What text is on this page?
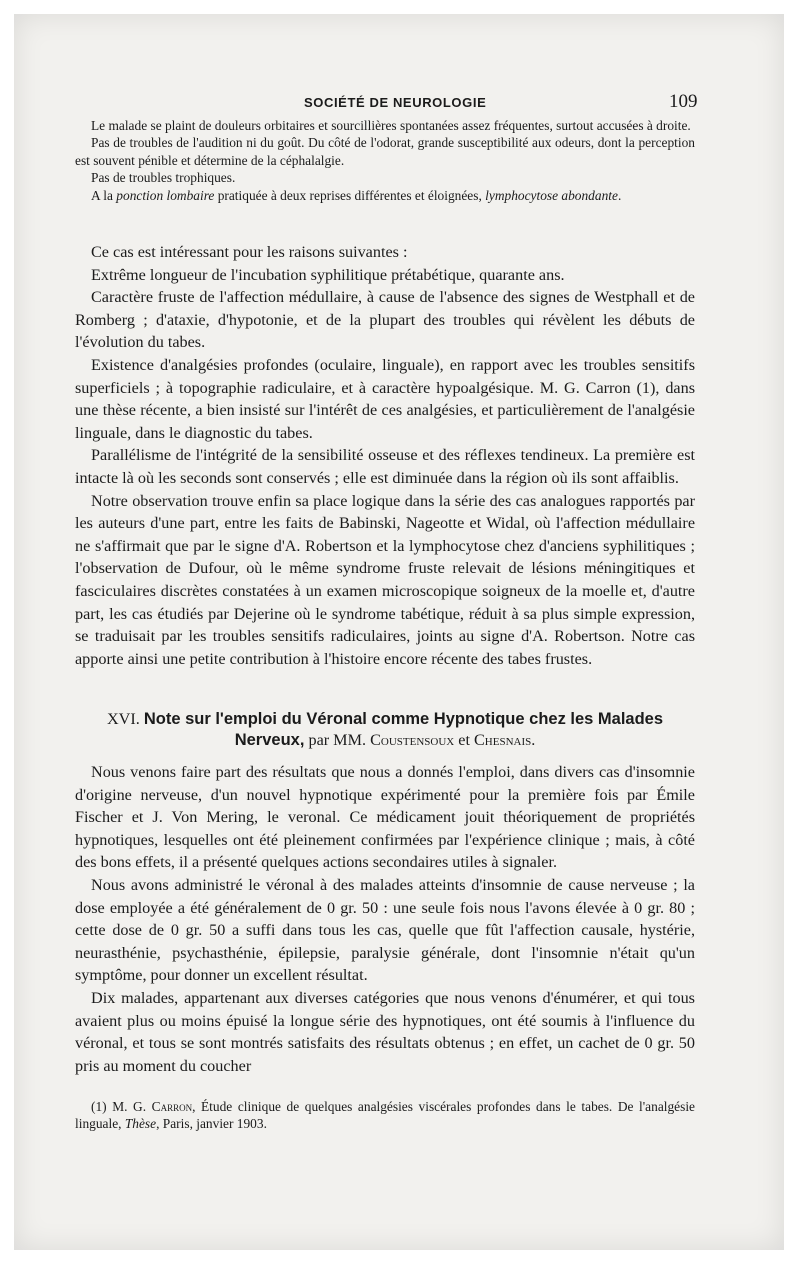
SOCIÉTÉ DE NEUROLOGIE	109

Le malade se plaint de douleurs orbitaires et sourcillières spontanées assez fréquentes, surtout accusées à droite.

Pas de troubles de l'audition ni du goût. Du côté de l'odorat, grande susceptibilité aux odeurs, dont la perception est souvent pénible et détermine de la céphalalgie.

Pas de troubles trophiques.

A la ponction lombaire pratiquée à deux reprises différentes et éloignées, lymphocytose abondante.

Ce cas est intéressant pour les raisons suivantes :

Extrême longueur de l'incubation syphilitique prétabétique, quarante ans.

Caractère fruste de l'affection médullaire, à cause de l'absence des signes de Westphall et de Romberg ; d'ataxie, d'hypotonie, et de la plupart des troubles qui révèlent les débuts de l'évolution du tabes.

Existence d'analgésies profondes (oculaire, linguale), en rapport avec les troubles sensitifs superficiels ; à topographie radiculaire, et à caractère hypoalgésique. M. G. Carron (1), dans une thèse récente, a bien insisté sur l'intérêt de ces analgésies, et particulièrement de l'analgésie linguale, dans le diagnostic du tabes.

Parallélisme de l'intégrité de la sensibilité osseuse et des réflexes tendineux. La première est intacte là où les seconds sont conservés ; elle est diminuée dans la région où ils sont affaiblis.

Notre observation trouve enfin sa place logique dans la série des cas analogues rapportés par les auteurs d'une part, entre les faits de Babinski, Nageotte et Widal, où l'affection médullaire ne s'affirmait que par le signe d'A. Robertson et la lymphocytose chez d'anciens syphilitiques ; l'observation de Dufour, où le même syndrome fruste relevait de lésions méningitiques et fasciculaires discrètes constatées à un examen microscopique soigneux de la moelle et, d'autre part, les cas étudiés par Dejerine où le syndrome tabétique, réduit à sa plus simple expression, se traduisait par les troubles sensitifs radiculaires, joints au signe d'A. Robertson. Notre cas apporte ainsi une petite contribution à l'histoire encore récente des tabes frustes.

XVI. Note sur l'emploi du Véronal comme Hypnotique chez les Malades Nerveux, par MM. Coustensoux et Chesnais.

Nous venons faire part des résultats que nous a donnés l'emploi, dans divers cas d'insomnie d'origine nerveuse, d'un nouvel hypnotique expérimenté pour la première fois par Émile Fischer et J. Von Mering, le veronal. Ce médicament jouit théoriquement de propriétés hypnotiques, lesquelles ont été pleinement confirmées par l'expérience clinique ; mais, à côté des bons effets, il a présenté quelques actions secondaires utiles à signaler.

Nous avons administré le véronal à des malades atteints d'insomnie de cause nerveuse ; la dose employée a été généralement de 0 gr. 50 : une seule fois nous l'avons élevée à 0 gr. 80 ; cette dose de 0 gr. 50 a suffi dans tous les cas, quelle que fût l'affection causale, hystérie, neurasthénie, psychasthénie, épilepsie, paralysie générale, dont l'insomnie n'était qu'un symptôme, pour donner un excellent résultat.

Dix malades, appartenant aux diverses catégories que nous venons d'énumérer, et qui tous avaient plus ou moins épuisé la longue série des hypnotiques, ont été soumis à l'influence du véronal, et tous se sont montrés satisfaits des résultats obtenus ; en effet, un cachet de 0 gr. 50 pris au moment du coucher

(1) M. G. Carron, Étude clinique de quelques analgésies viscérales profondes dans le tabes. De l'analgésie linguale, Thèse, Paris, janvier 1903.
